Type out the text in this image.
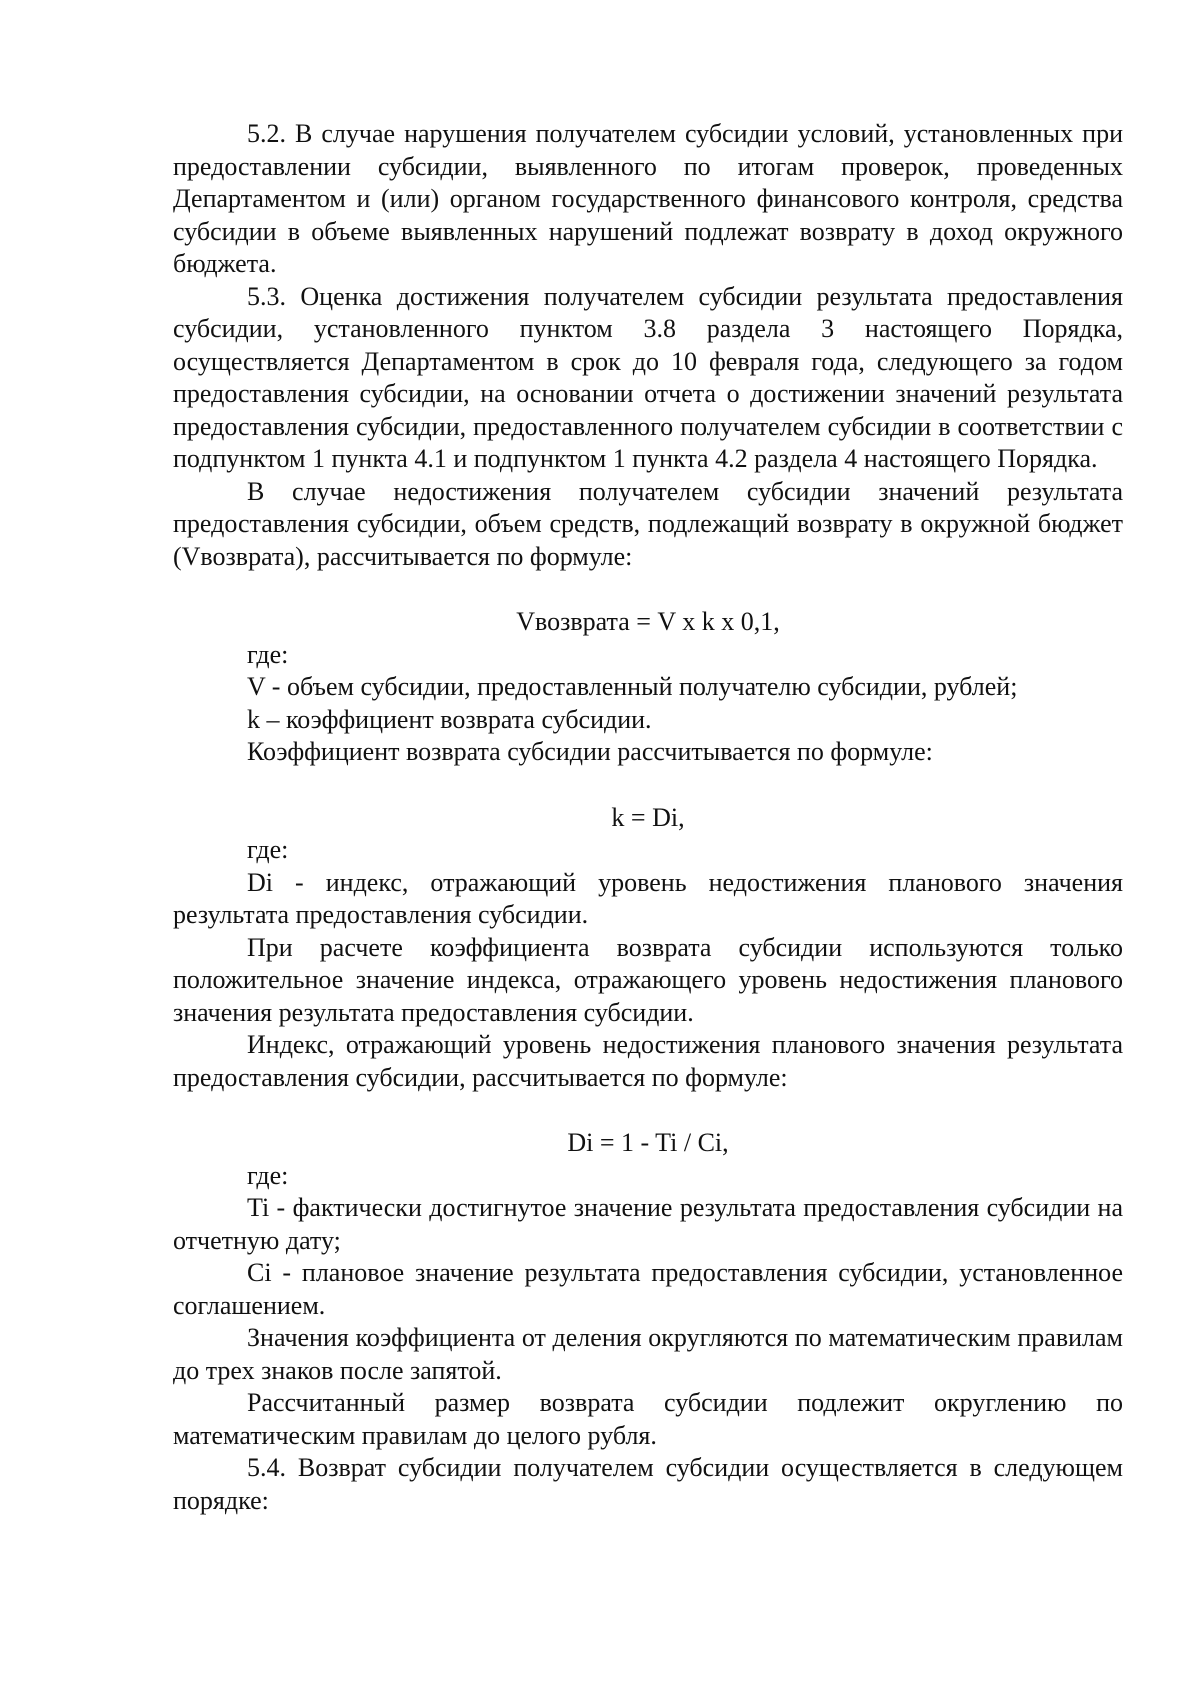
5.2. В случае нарушения получателем субсидии условий, установленных при предоставлении субсидии, выявленного по итогам проверок, проведенных Департаментом и (или) органом государственного финансового контроля, средства субсидии в объеме выявленных нарушений подлежат возврату в доход окружного бюджета.

5.3. Оценка достижения получателем субсидии результата предоставления субсидии, установленного пунктом 3.8 раздела 3 настоящего Порядка, осуществляется Департаментом в срок до 10 февраля года, следующего за годом предоставления субсидии, на основании отчета о достижении значений результата предоставления субсидии, предоставленного получателем субсидии в соответствии с подпунктом 1 пункта 4.1 и подпунктом 1 пункта 4.2 раздела 4 настоящего Порядка.

В случае недостижения получателем субсидии значений результата предоставления субсидии, объем средств, подлежащий возврату в окружной бюджет (Vвозврата), рассчитывается по формуле:

Vвозврата = V x k x 0,1,

где:

V - объем субсидии, предоставленный получателю субсидии, рублей;

k – коэффициент возврата субсидии.

Коэффициент возврата субсидии рассчитывается по формуле:

k = Di,

где:

Di - индекс, отражающий уровень недостижения планового значения результата предоставления субсидии.

При расчете коэффициента возврата субсидии используются только положительное значение индекса, отражающего уровень недостижения планового значения результата предоставления субсидии.

Индекс, отражающий уровень недостижения планового значения результата предоставления субсидии, рассчитывается по формуле:

Di = 1 - Ti / Ci,

где:

Ti - фактически достигнутое значение результата предоставления субсидии на отчетную дату;

Ci - плановое значение результата предоставления субсидии, установленное соглашением.

Значения коэффициента от деления округляются по математическим правилам до трех знаков после запятой.

Рассчитанный размер возврата субсидии подлежит округлению по математическим правилам до целого рубля.

5.4. Возврат субсидии получателем субсидии осуществляется в следующем порядке:
